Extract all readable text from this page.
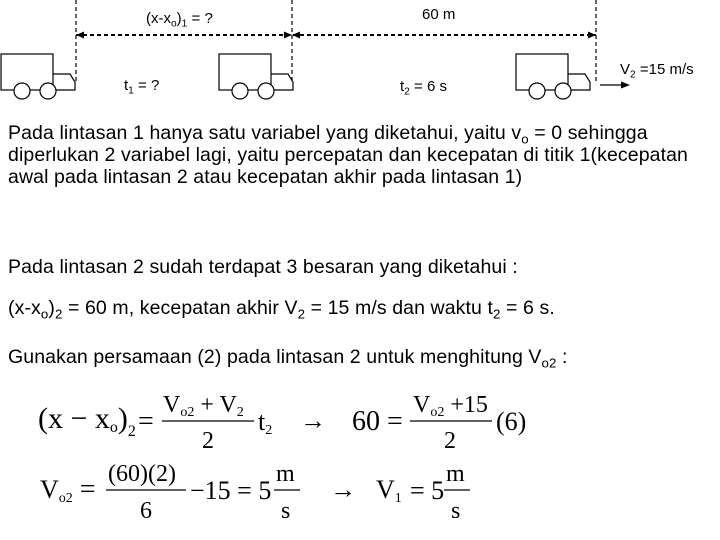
$(x-x_o)_1$ = ?	60 m
$t_1$ = ?	$t_2 = 6$ s
$V_2 =15$ m/s
Pada lintasan 1 hanya satu variabel yang diketahui, yaitu $v_o = 0$ sehingga diperlukan 2 variabel lagi, yaitu percepatan dan kecepatan di titik 1(kecepatan awal pada lintasan 2 atau kecepatan akhir pada lintasan 1)
Pada lintasan 2 sudah terdapat 3 besaran yang diketahui :
$(x-x_o)_2 = 60$ m, kecepatan akhir $V_2 = 15$ m/s dan waktu $t_2 = 6$ s.
Gunakan persamaan (2) pada lintasan 2 untuk menghitung $V_{o2}$ :
$(x - xo)_2$ =
Vo2 + V2
2
t2 → 60 =
Vo2 +15
2
(6)
Vo2 = (60)(2)
6
−15 = 5
m
s
→ V1 = 5
m
s
